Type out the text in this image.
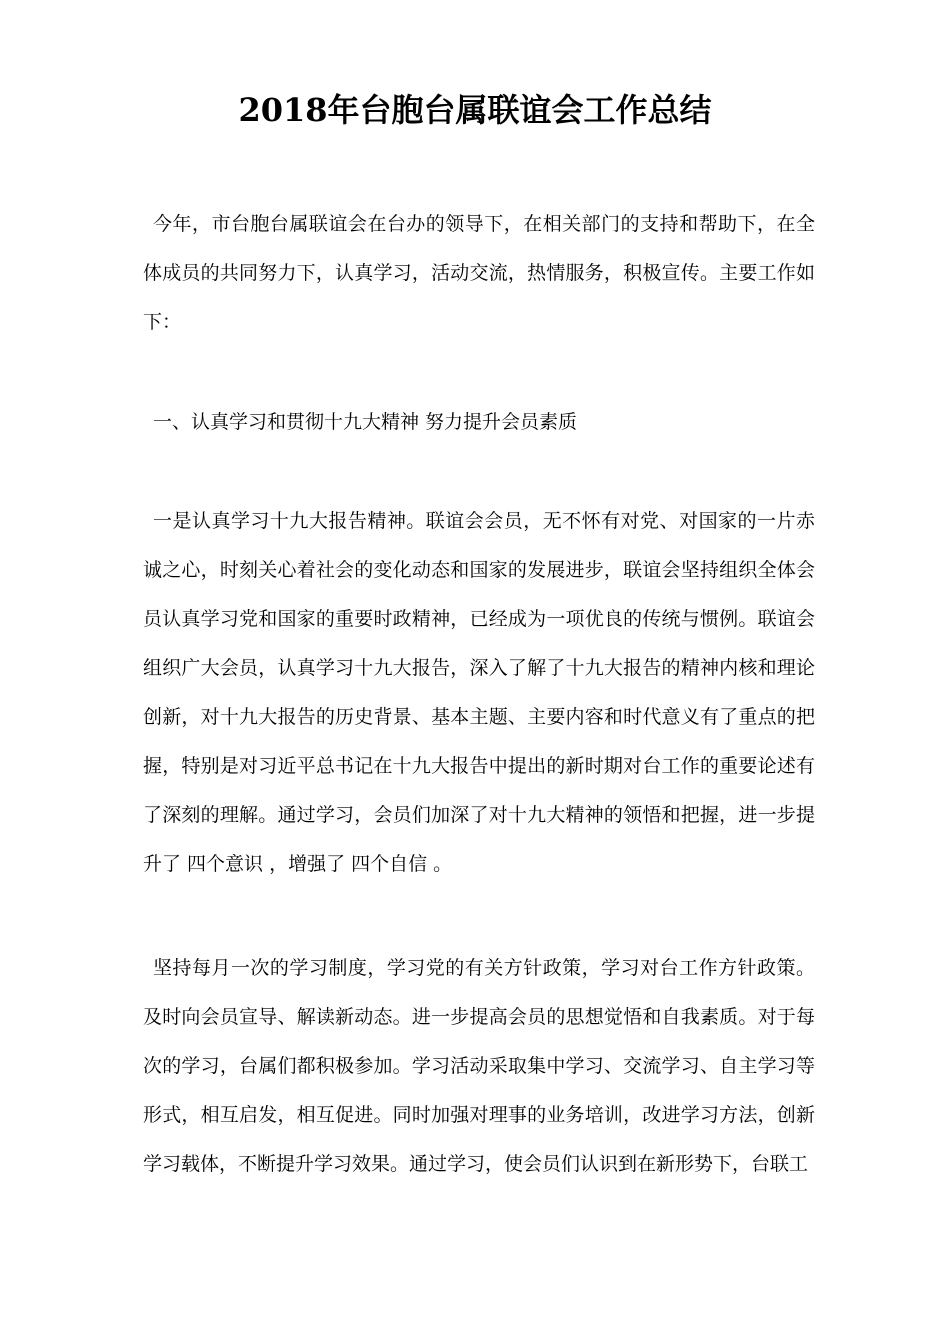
2018年台胞台属联谊会工作总结

今年，市台胞台属联谊会在台办的领导下，在相关部门的支持和帮助下，在全体成员的共同努力下，认真学习，活动交流，热情服务，积极宣传。主要工作如下：

一、认真学习和贯彻十九大精神 努力提升会员素质

一是认真学习十九大报告精神。联谊会会员，无不怀有对党、对国家的一片赤诚之心，时刻关心着社会的变化动态和国家的发展进步，联谊会坚持组织全体会员认真学习党和国家的重要时政精神，已经成为一项优良的传统与惯例。联谊会组织广大会员，认真学习十九大报告，深入了解了十九大报告的精神内核和理论创新，对十九大报告的历史背景、基本主题、主要内容和时代意义有了重点的把握，特别是对习近平总书记在十九大报告中提出的新时期对台工作的重要论述有了深刻的理解。通过学习，会员们加深了对十九大精神的领悟和把握，进一步提升了 四个意识 ，增强了 四个自信 。

坚持每月一次的学习制度，学习党的有关方针政策，学习对台工作方针政策。及时向会员宣导、解读新动态。进一步提高会员的思想觉悟和自我素质。对于每次的学习，台属们都积极参加。学习活动采取集中学习、交流学习、自主学习等形式，相互启发，相互促进。同时加强对理事的业务培训，改进学习方法，创新学习载体，不断提升学习效果。通过学习，使会员们认识到在新形势下，台联工
